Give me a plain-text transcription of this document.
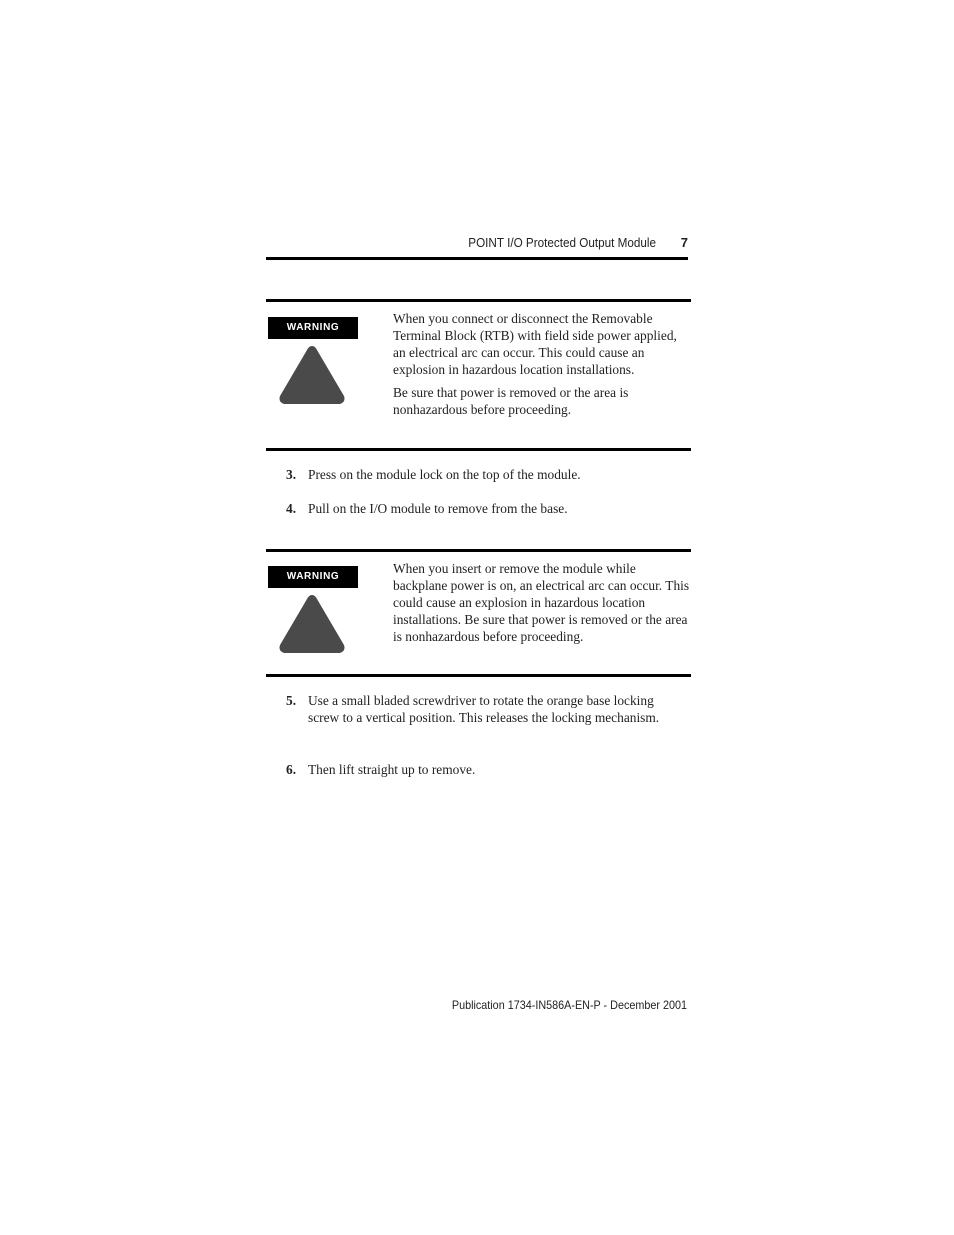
POINT I/O Protected Output Module	7
WARNING

When you connect or disconnect the Removable Terminal Block (RTB) with field side power applied, an electrical arc can occur. This could cause an explosion in hazardous location installations.

Be sure that power is removed or the area is nonhazardous before proceeding.

3. Press on the module lock on the top of the module.
4. Pull on the I/O module to remove from the base.
WARNING

When you insert or remove the module while backplane power is on, an electrical arc can occur. This could cause an explosion in hazardous location installations. Be sure that power is removed or the area is nonhazardous before proceeding.

5. Use a small bladed screwdriver to rotate the orange base locking screw to a vertical position. This releases the locking mechanism.
6. Then lift straight up to remove.
Publication 1734-IN586A-EN-P - December 2001
